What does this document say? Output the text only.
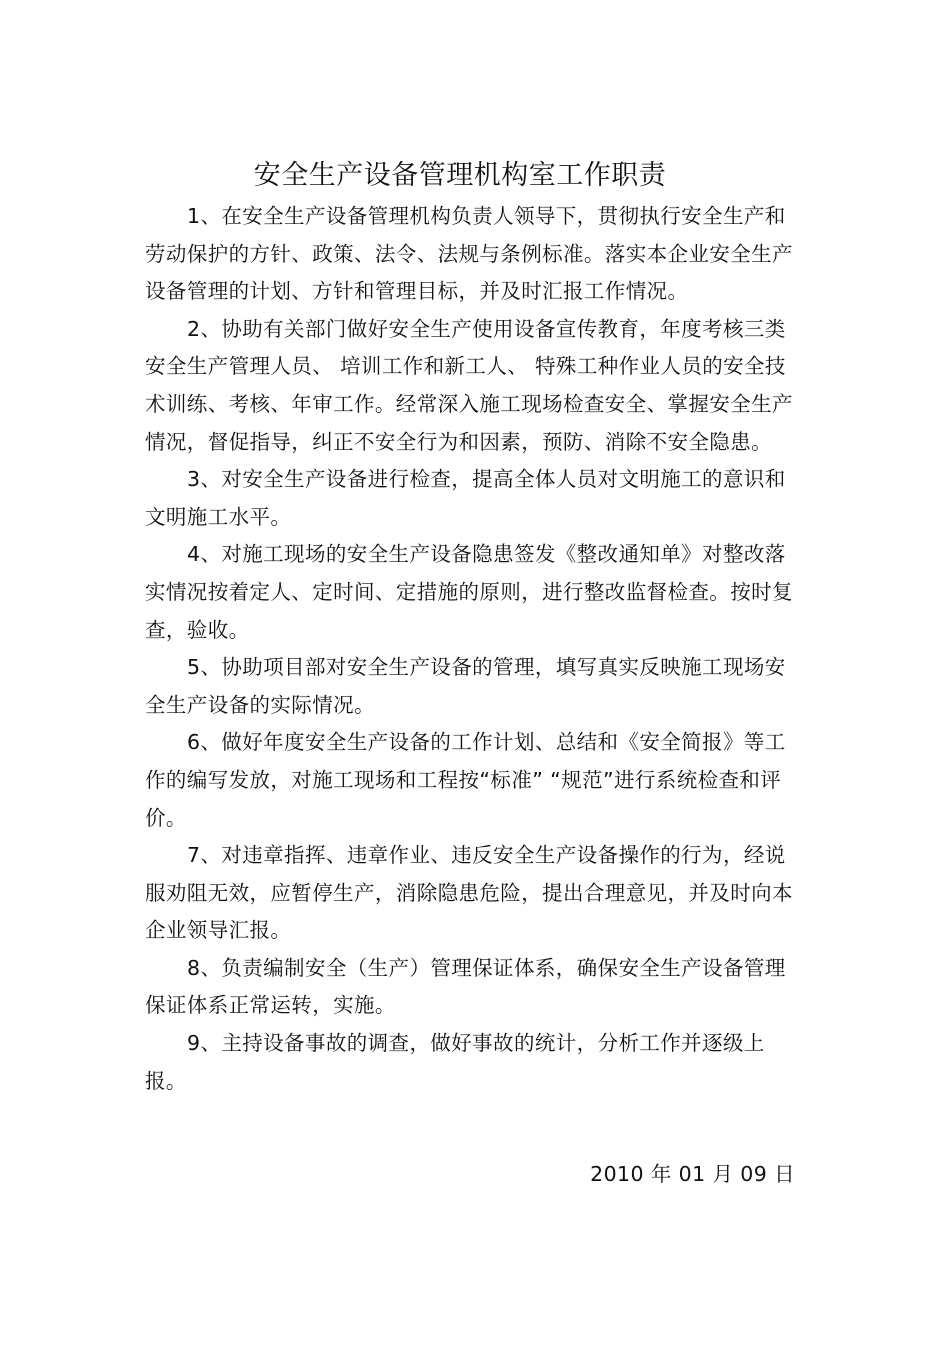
安全生产设备管理机构室工作职责

1、在安全生产设备管理机构负责人领导下，贯彻执行安全生产和劳动保护的方针、政策、法令、法规与条例标准。落实本企业安全生产设备管理的计划、方针和管理目标，并及时汇报工作情况。

2、协助有关部门做好安全生产使用设备宣传教育，年度考核三类安全生产管理人员、 培训工作和新工人、 特殊工种作业人员的安全技术训练、考核、年审工作。经常深入施工现场检查安全、掌握安全生产情况，督促指导，纠正不安全行为和因素，预防、消除不安全隐患。

3、对安全生产设备进行检查，提高全体人员对文明施工的意识和文明施工水平。

4、对施工现场的安全生产设备隐患签发《整改通知单》对整改落实情况按着定人、定时间、定措施的原则，进行整改监督检查。按时复查，验收。

5、协助项目部对安全生产设备的管理，填写真实反映施工现场安全生产设备的实际情况。

6、做好年度安全生产设备的工作计划、总结和《安全简报》等工作的编写发放，对施工现场和工程按“标准” “规范”进行系统检查和评价。

7、对违章指挥、违章作业、违反安全生产设备操作的行为，经说服劝阻无效，应暂停生产，消除隐患危险，提出合理意见，并及时向本企业领导汇报。

8、负责编制安全（生产）管理保证体系，确保安全生产设备管理保证体系正常运转，实施。

9、主持设备事故的调查，做好事故的统计，分析工作并逐级上报。

2010 年 01 月 09 日
